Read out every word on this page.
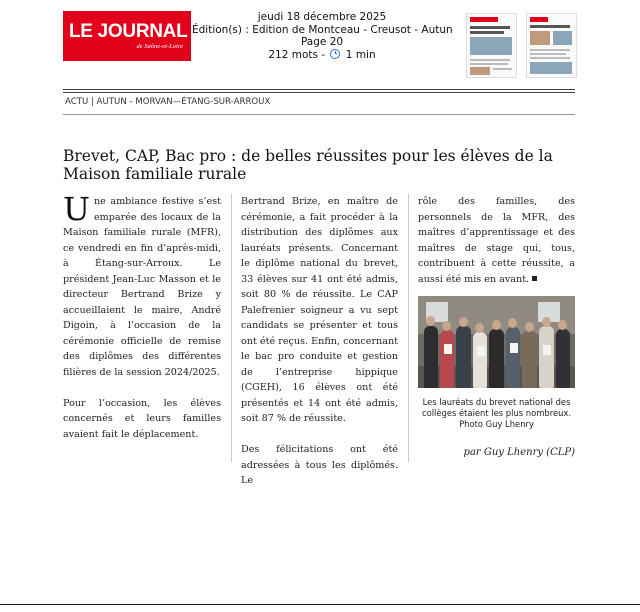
LE JOURNAL
de Saône-et-Loire
jeudi 18 décembre 2025
Édition(s) : Edition de Montceau - Creusot - Autun
Page 20
212 mots - 1 min
ACTU | AUTUN - MORVAN—ÉTANG-SUR-ARROUX
Brevet, CAP, Bac pro : de belles réussites pour les élèves de la Maison familiale rurale

Une ambiance festive s’est emparée des locaux de la Maison familiale rurale (MFR), ce vendredi en fin d’après-midi, à Étang-sur-Arroux. Le président Jean-Luc Masson et le directeur Bertrand Brize y accueillaient le maire, André Digoin, à l’occasion de la cérémonie officielle de remise des diplômes des différentes filières de la session 2024/2025.

Pour l’occasion, les élèves concernés et leurs familles avaient fait le déplacement.

Bertrand Brize, en maître de cérémonie, a fait procéder à la distribution des diplômes aux lauréats présents. Concernant le diplôme national du brevet, 33 élèves sur 41 ont été admis, soit 80 % de réussite. Le CAP Palefrenier soigneur a vu sept candidats se présenter et tous ont été reçus. Enfin, concernant le bac pro conduite et gestion de l’entreprise hippique (CGEH), 16 élèves ont été présentés et 14 ont été admis, soit 87 % de réussite.

Des félicitations ont été adressées à tous les diplômés. Le

rôle des familles, des personnels de la MFR, des maîtres d’apprentissage et des maîtres de stage qui, tous, contribuent à cette réussite, a aussi été mis en avant.

Les lauréats du brevet national des collèges étaient les plus nombreux. Photo Guy Lhenry
par Guy Lhenry (CLP)
